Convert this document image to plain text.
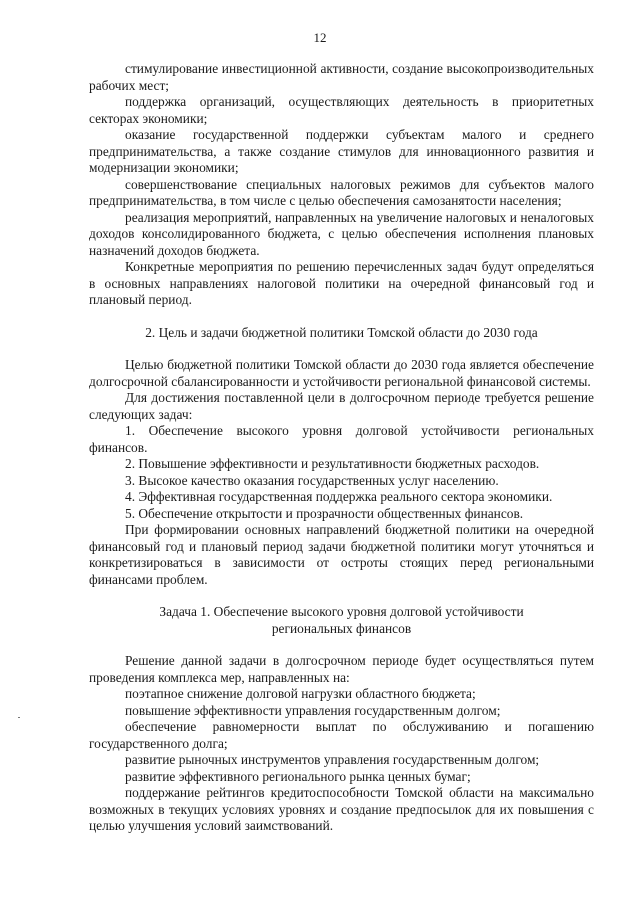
12

стимулирование инвестиционной активности, создание высокопроизводительных рабочих мест;

поддержка организаций, осуществляющих деятельность в приоритетных секторах экономики;

оказание государственной поддержки субъектам малого и среднего предпринимательства, а также создание стимулов для инновационного развития и модернизации экономики;

совершенствование специальных налоговых режимов для субъектов малого предпринимательства, в том числе с целью обеспечения самозанятости населения;

реализация мероприятий, направленных на увеличение налоговых и неналоговых доходов консолидированного бюджета, с целью обеспечения исполнения плановых назначений доходов бюджета.

Конкретные мероприятия по решению перечисленных задач будут определяться в основных направлениях налоговой политики на очередной финансовый год и плановый период.

2. Цель и задачи бюджетной политики Томской области до 2030 года

Целью бюджетной политики Томской области до 2030 года является обеспечение долгосрочной сбалансированности и устойчивости региональной финансовой системы.

Для достижения поставленной цели в долгосрочном периоде требуется решение следующих задач:

1. Обеспечение высокого уровня долговой устойчивости региональных финансов.

2. Повышение эффективности и результативности бюджетных расходов.

3. Высокое качество оказания государственных услуг населению.

4. Эффективная государственная поддержка реального сектора экономики.

5. Обеспечение открытости и прозрачности общественных финансов.

При формировании основных направлений бюджетной политики на очередной финансовый год и плановый период задачи бюджетной политики могут уточняться и конкретизироваться в зависимости от остроты стоящих перед региональными финансами проблем.

Задача 1. Обеспечение высокого уровня долговой устойчивости

региональных финансов

Решение данной задачи в долгосрочном периоде будет осуществляться путем проведения комплекса мер, направленных на:

поэтапное снижение долговой нагрузки областного бюджета;

повышение эффективности управления государственным долгом;

обеспечение равномерности выплат по обслуживанию и погашению государственного долга;

развитие рыночных инструментов управления государственным долгом;

развитие эффективного регионального рынка ценных бумаг;

поддержание рейтингов кредитоспособности Томской области на максимально возможных в текущих условиях уровнях и создание предпосылок для их повышения с целью улучшения условий заимствований.
